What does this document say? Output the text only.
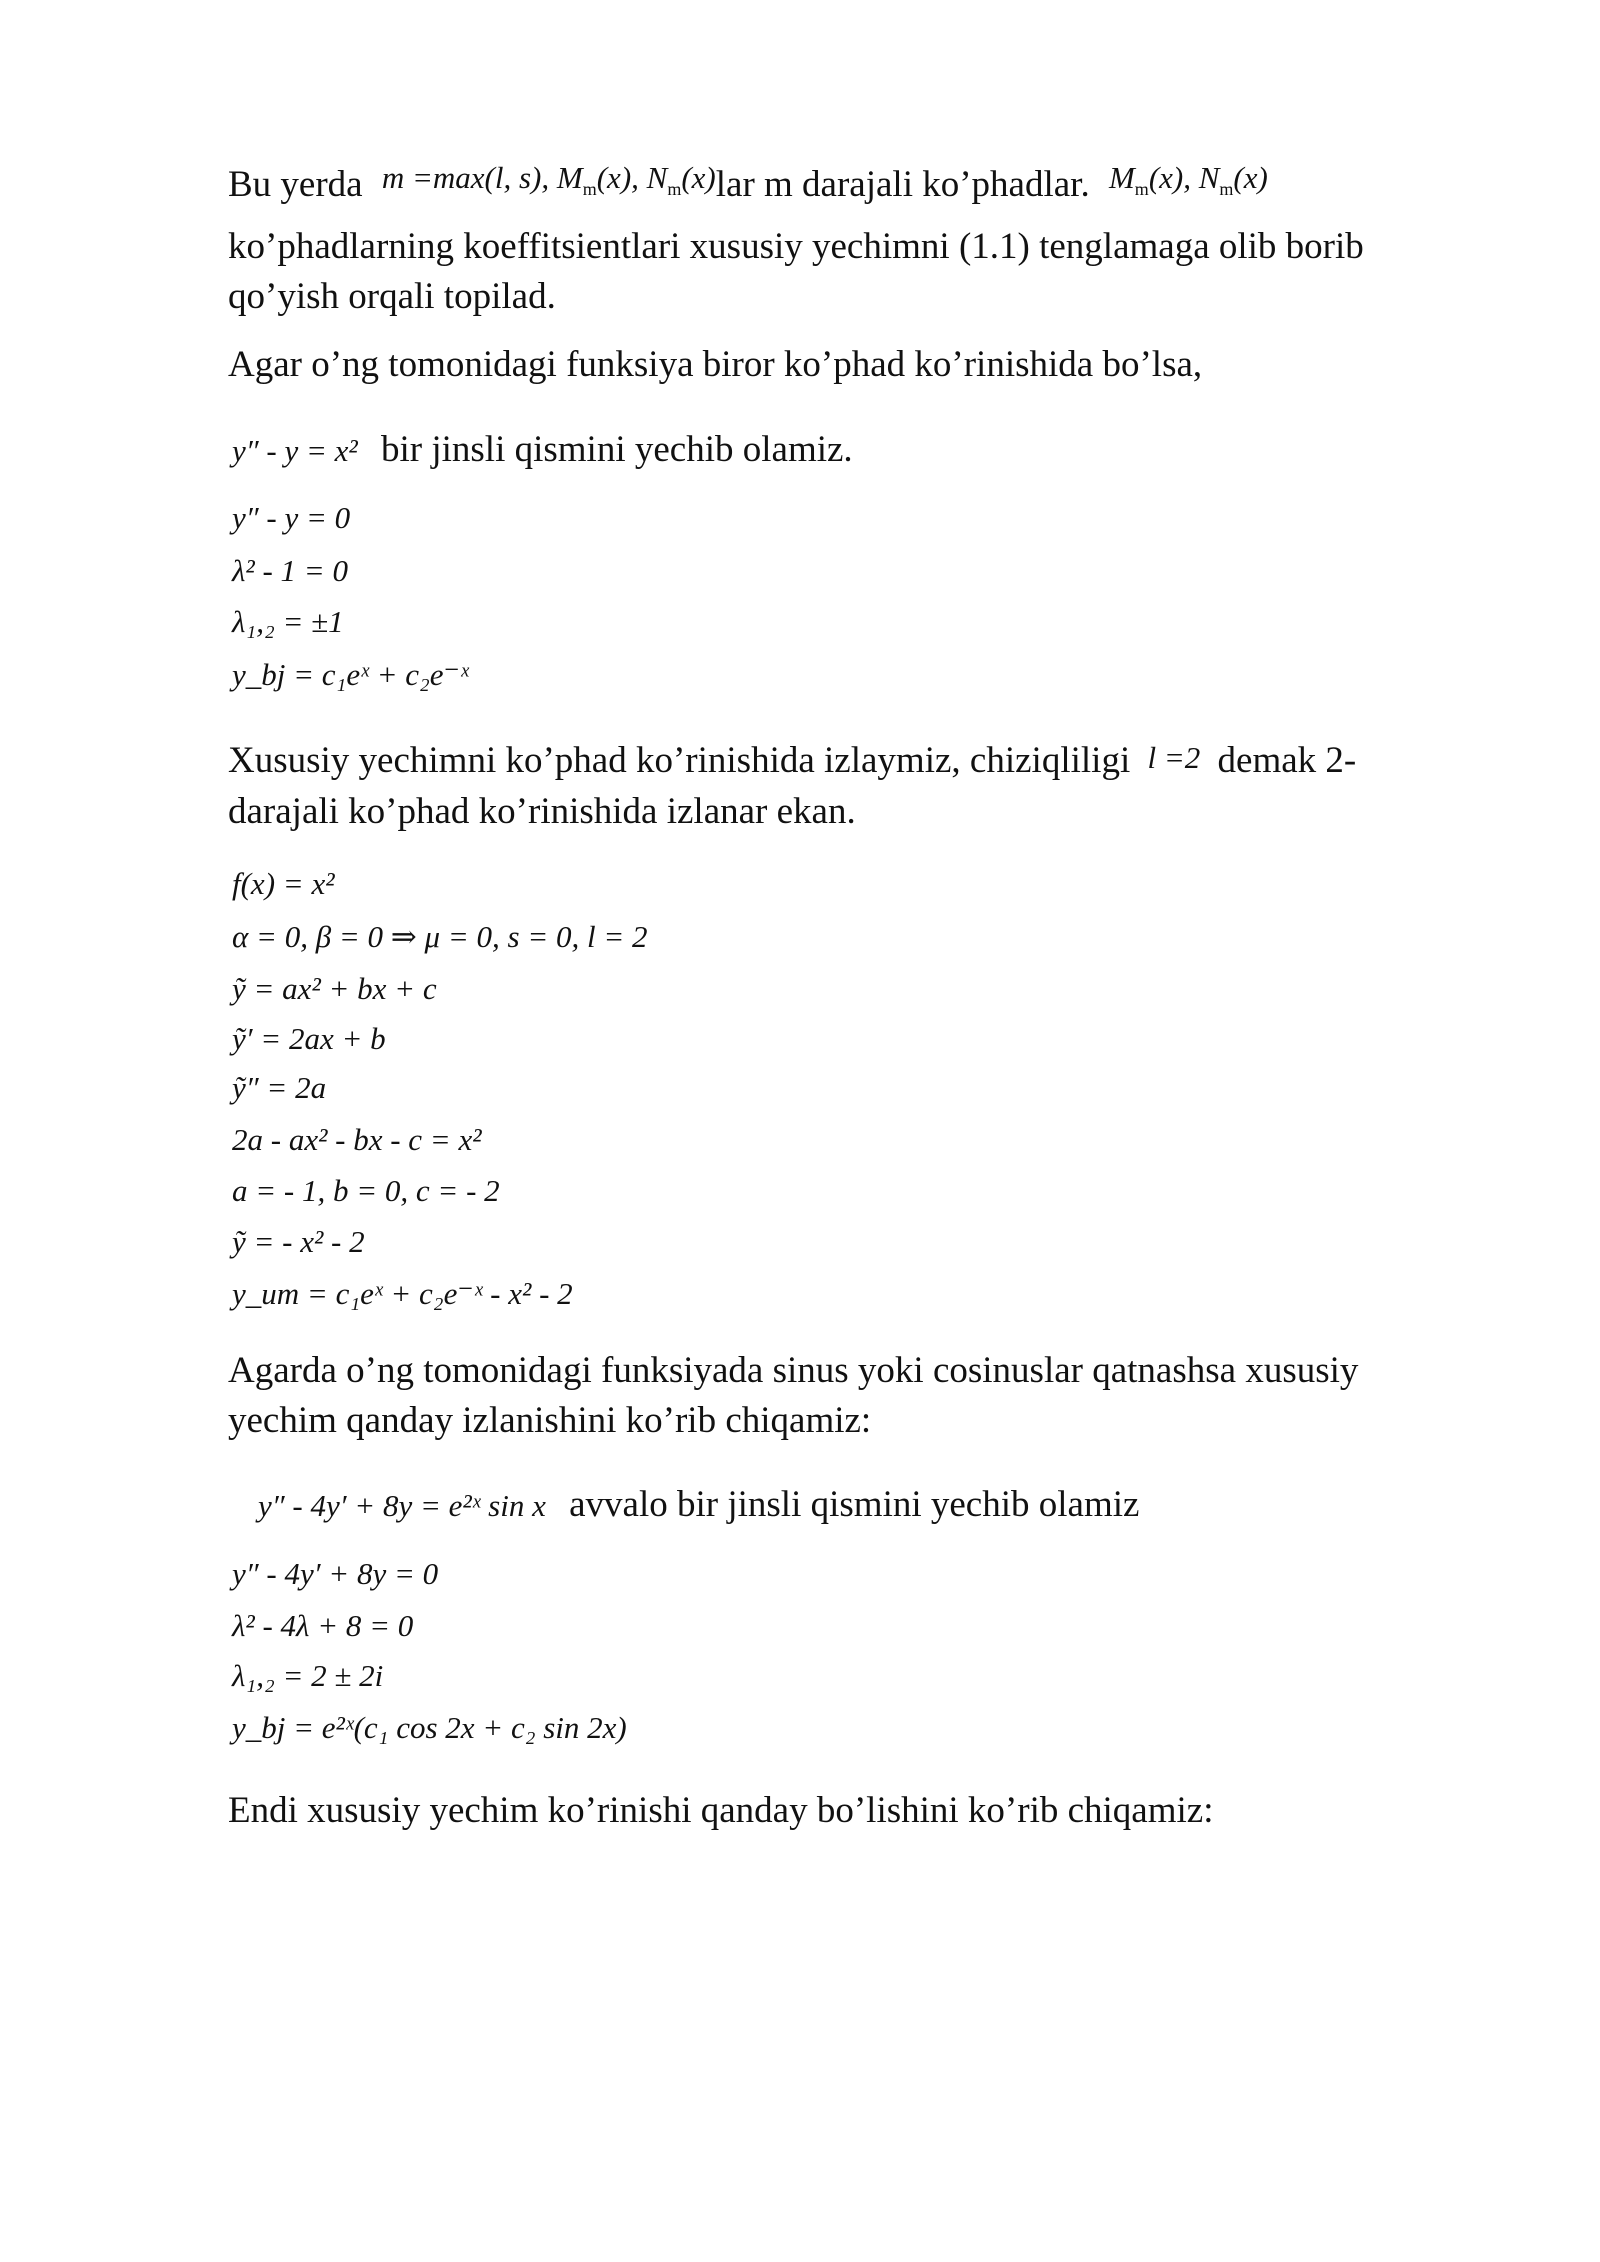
Bu yerda $^{m =max(l, s), M_m(x), N_m(x)}$lar m darajali ko’phadlar. $^{M_m(x), N_m(x)}$
ko’phadlarning koeffitsientlari xususiy yechimni (1.1) tenglamaga olib borib
qo’yish orqali topilad.
Agar o’ng tomonidagi funksiya biror ko’phad ko’rinishida bo’lsa,
y″ - y = x² bir jinsli qismini yechib olamiz.
y″ - y = 0
λ² - 1 = 0
λ₁,₂ = ±1
y_bj = c₁eˣ + c₂e⁻ˣ
Xususiy yechimni ko’phad ko’rinishida izlaymiz, chiziqliligi l =2 demak 2-
darajali ko’phad ko’rinishida izlanar ekan.
f(x) = x²
α = 0, β = 0 ⇒ μ = 0, s = 0, l = 2
ỹ = ax² + bx + c
ỹ′ = 2ax + b
ỹ″ = 2a
2a - ax² - bx - c = x²
a = - 1, b = 0, c = - 2
ỹ = - x² - 2
y_um = c₁eˣ + c₂e⁻ˣ - x² - 2
Agarda o’ng tomonidagi funksiyada sinus yoki cosinuslar qatnashsa xususiy
yechim qanday izlanishini ko’rib chiqamiz:
y″ - 4y′ + 8y = e²ˣ sin x avvalo bir jinsli qismini yechib olamiz
y″ - 4y′ + 8y = 0
λ² - 4λ + 8 = 0
λ₁,₂ = 2 ± 2i
y_bj = e²ˣ(c₁ cos 2x + c₂ sin 2x)
Endi xususiy yechim ko’rinishi qanday bo’lishini ko’rib chiqamiz:
